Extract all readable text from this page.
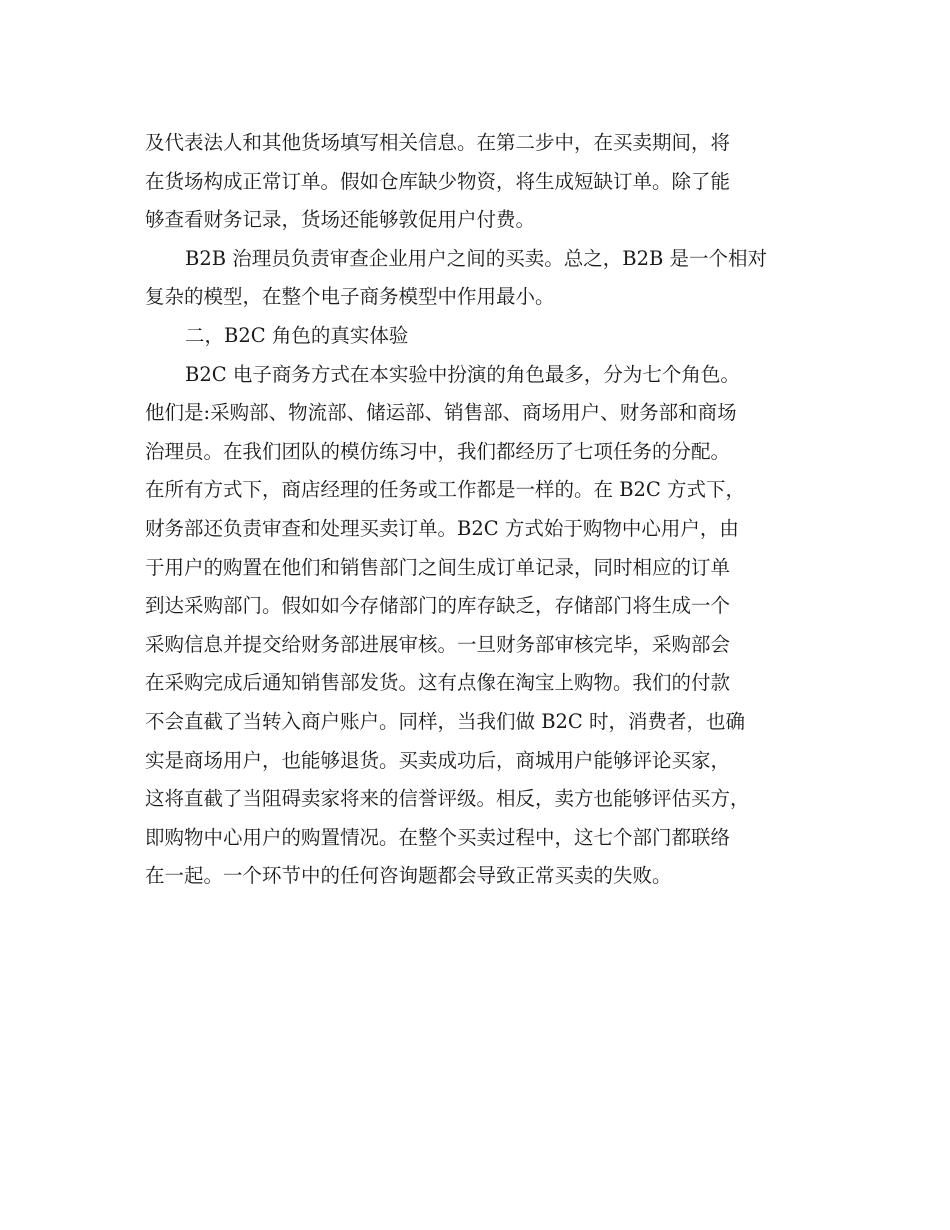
及代表法人和其他货场填写相关信息。在第二步中，在买卖期间，将
在货场构成正常订单。假如仓库缺少物资，将生成短缺订单。除了能
够查看财务记录，货场还能够敦促用户付费。
B2B 治理员负责审查企业用户之间的买卖。总之，B2B 是一个相对
复杂的模型，在整个电子商务模型中作用最小。
二，B2C 角色的真实体验
B2C 电子商务方式在本实验中扮演的角色最多，分为七个角色。
他们是:采购部、物流部、储运部、销售部、商场用户、财务部和商场
治理员。在我们团队的模仿练习中，我们都经历了七项任务的分配。
在所有方式下，商店经理的任务或工作都是一样的。在 B2C 方式下，
财务部还负责审查和处理买卖订单。B2C 方式始于购物中心用户，由
于用户的购置在他们和销售部门之间生成订单记录，同时相应的订单
到达采购部门。假如如今存储部门的库存缺乏，存储部门将生成一个
采购信息并提交给财务部进展审核。一旦财务部审核完毕，采购部会
在采购完成后通知销售部发货。这有点像在淘宝上购物。我们的付款
不会直截了当转入商户账户。同样，当我们做 B2C 时，消费者，也确
实是商场用户，也能够退货。买卖成功后，商城用户能够评论买家，
这将直截了当阻碍卖家将来的信誉评级。相反，卖方也能够评估买方，
即购物中心用户的购置情况。在整个买卖过程中，这七个部门都联络
在一起。一个环节中的任何咨询题都会导致正常买卖的失败。
